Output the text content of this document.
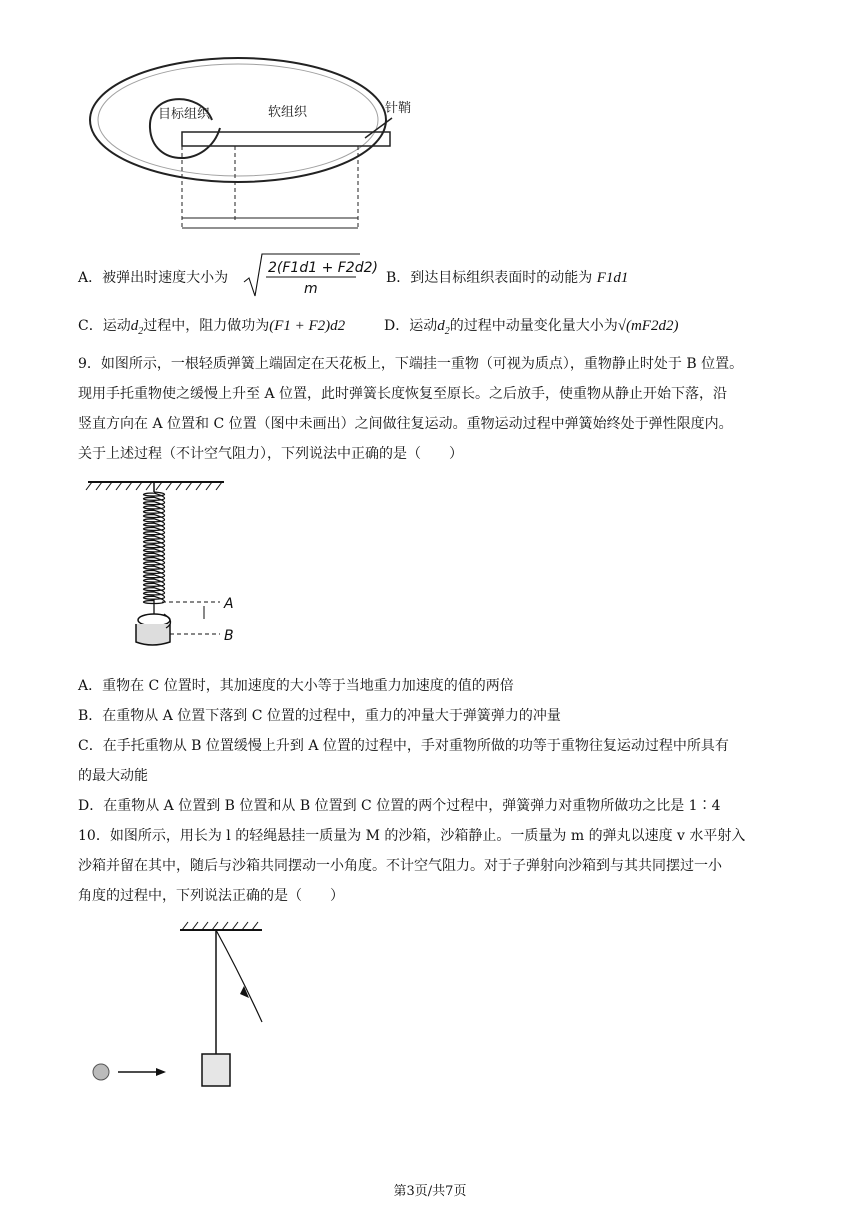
目标组织	软组织	针鞘
A．被弹出时速度大小为
2(F1d1 + F2d2)
m
B．到达目标组织表面时的动能为 F1d1
C．运动$d_2$过程中，阻力做功为(F1 + F2)d2	D．运动$d_2$的过程中动量变化量大小为√(mF2d2)
9．如图所示，一根轻质弹簧上端固定在天花板上，下端挂一重物（可视为质点），重物静止时处于 B 位置。
现用手托重物使之缓慢上升至 A 位置，此时弹簧长度恢复至原长。之后放手，使重物从静止开始下落，沿
竖直方向在 A 位置和 C 位置（图中未画出）之间做往复运动。重物运动过程中弹簧始终处于弹性限度内。
关于上述过程（不计空气阻力），下列说法中正确的是（　　）
A
B
A．重物在 C 位置时，其加速度的大小等于当地重力加速度的值的两倍
B．在重物从 A 位置下落到 C 位置的过程中，重力的冲量大于弹簧弹力的冲量
C．在手托重物从 B 位置缓慢上升到 A 位置的过程中，手对重物所做的功等于重物往复运动过程中所具有
的最大动能
D．在重物从 A 位置到 B 位置和从 B 位置到 C 位置的两个过程中，弹簧弹力对重物所做功之比是 1∶4
10．如图所示，用长为 l 的轻绳悬挂一质量为 M 的沙箱，沙箱静止。一质量为 m 的弹丸以速度 v 水平射入
沙箱并留在其中，随后与沙箱共同摆动一小角度。不计空气阻力。对于子弹射向沙箱到与其共同摆过一小
角度的过程中，下列说法正确的是（　　）
第3页/共7页
